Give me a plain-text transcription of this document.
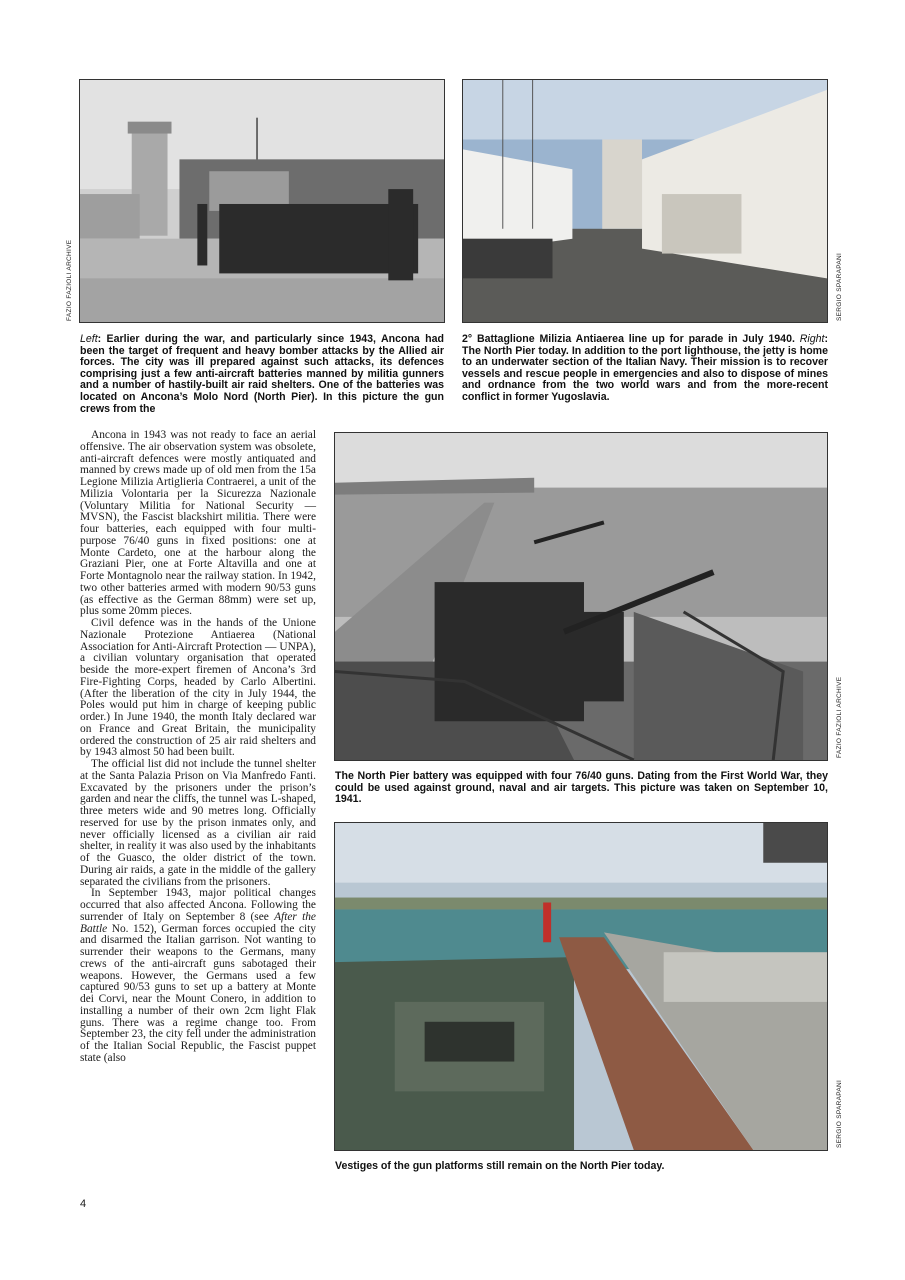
FAZIO FAZIOLI ARCHIVE	SERGIO SPARAPANI
Left: Earlier during the war, and particularly since 1943, Ancona had been the target of frequent and heavy bomber attacks by the Allied air forces. The city was ill prepared against such attacks, its defences comprising just a few anti-aircraft batteries manned by militia gunners and a number of hastily-built air raid shelters. One of the batteries was located on Ancona’s Molo Nord (North Pier). In this picture the gun crews from the
2° Battaglione Milizia Antiaerea line up for parade in July 1940. Right: The North Pier today. In addition to the port lighthouse, the jetty is home to an underwater section of the Italian Navy. Their mission is to recover vessels and rescue people in emergencies and also to dispose of mines and ordnance from the two world wars and from the more-recent conflict in former Yugoslavia.
FAZIO FAZIOLI ARCHIVE
The North Pier battery was equipped with four 76/40 guns. Dating from the First World War, they could be used against ground, naval and air targets. This picture was taken on September 10, 1941.
SERGIO SPARAPANI
Vestiges of the gun platforms still remain on the North Pier today.

Ancona in 1943 was not ready to face an aerial offensive. The air observation system was obsolete, anti-aircraft defences were mostly antiquated and manned by crews made up of old men from the 15a Legione Milizia Artiglieria Contraerei, a unit of the Milizia Volontaria per la Sicurezza Nazionale (Voluntary Militia for National Security — MVSN), the Fascist blackshirt militia. There were four batteries, each equipped with four multi-purpose 76/40 guns in fixed positions: one at Monte Cardeto, one at the harbour along the Graziani Pier, one at Forte Altavilla and one at Forte Montagnolo near the railway station. In 1942, two other batteries armed with modern 90/53 guns (as effective as the German 88mm) were set up, plus some 20mm pieces.

Civil defence was in the hands of the Unione Nazionale Protezione Antiaerea (National Association for Anti-Aircraft Protection — UNPA), a civilian voluntary organisation that operated beside the more-expert firemen of Ancona’s 3rd Fire-Fighting Corps, headed by Carlo Albertini. (After the liberation of the city in July 1944, the Poles would put him in charge of keeping public order.) In June 1940, the month Italy declared war on France and Great Britain, the municipality ordered the construction of 25 air raid shelters and by 1943 almost 50 had been built.

The official list did not include the tunnel shelter at the Santa Palazia Prison on Via Manfredo Fanti. Excavated by the prisoners under the prison’s garden and near the cliffs, the tunnel was L-shaped, three meters wide and 90 metres long. Officially reserved for use by the prison inmates only, and never officially licensed as a civilian air raid shelter, in reality it was also used by the inhabitants of the Guasco, the older district of the town. During air raids, a gate in the middle of the gallery separated the civilians from the prisoners.

In September 1943, major political changes occurred that also affected Ancona. Following the surrender of Italy on September 8 (see After the Battle No. 152), German forces occupied the city and disarmed the Italian garrison. Not wanting to surrender their weapons to the Germans, many crews of the anti-aircraft guns sabotaged their weapons. However, the Germans used a few captured 90/53 guns to set up a battery at Monte dei Corvi, near the Mount Conero, in addition to installing a number of their own 2cm light Flak guns. There was a regime change too. From September 23, the city fell under the administration of the Italian Social Republic, the Fascist puppet state (also

4
